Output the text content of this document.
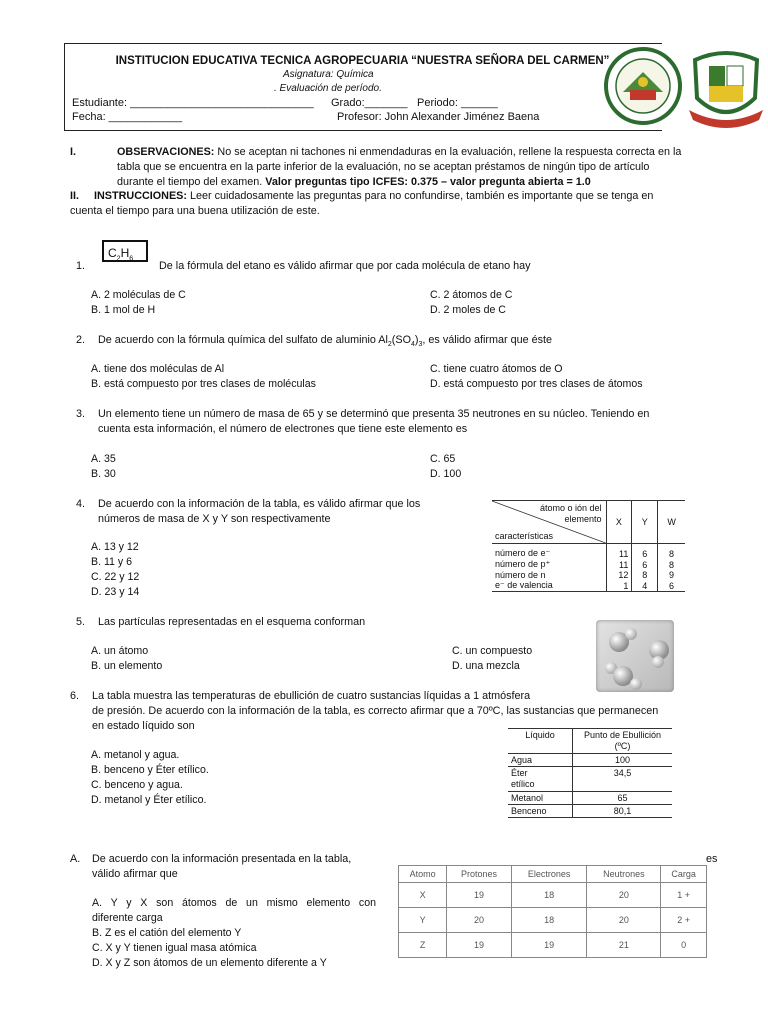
INSTITUCION EDUCATIVA TECNICA AGROPECUARIA “NUESTRA SEÑORA DEL CARMEN”
Asignatura: Química
. Evaluación de período.
Estudiante: ______________________________ Grado:_______ Periodo: ______
Fecha: ____________	Profesor: John Alexander Jiménez Baena
I.	OBSERVACIONES: No se aceptan ni tachones ni enmendaduras en la evaluación, rellene la respuesta correcta en la
tabla que se encuentra en la parte inferior de la evaluación, no se aceptan préstamos de ningún tipo de artículo
durante el tiempo del examen. Valor preguntas tipo ICFES: 0.375 – valor pregunta abierta = 1.0
II. INSTRUCCIONES: Leer cuidadosamente las preguntas para no confundirse, también es importante que se tenga en
cuenta el tiempo para una buena utilización de este.
$C_2H_6$
1.	De la fórmula del etano es válido afirmar que por cada molécula de etano hay
A. 2 moléculas de C
B. 1 mol de H
C. 2 átomos de C
D. 2 moles de C
2. De acuerdo con la fórmula química del sulfato de aluminio $Al_2(SO_4)_3$, es válido afirmar que éste
A. tiene dos moléculas de Al
B. está compuesto por tres clases de moléculas
C. tiene cuatro átomos de O
D. está compuesto por tres clases de átomos
3. Un elemento tiene un número de masa de 65 y se determinó que presenta 35 neutrones en su núcleo. Teniendo en
cuenta esta información, el número de electrones que tiene este elemento es
A. 35
B. 30
C. 65
D. 100
4. De acuerdo con la información de la tabla, es válido afirmar que los
números de masa de X y Y son respectivamente
A. 13 y 12
B. 11 y 6
C. 22 y 12
D. 23 y 14
átomo o ión del
elemento
características	X	Y	W
número de e⁻	11	6	8
número de p⁺	11	6	8
número de n	12	8	9
e⁻ de valencia	1	4	6
5. Las partículas representadas en el esquema conforman
A. un átomo
B. un elemento
C. un compuesto
D. una mezcla
6. La tabla muestra las temperaturas de ebullición de cuatro sustancias líquidas a 1 atmósfera
de presión. De acuerdo con la información de la tabla, es correcto afirmar que a 70ºC, las sustancias que permanecen
en estado líquido son
A. metanol y agua.
B. benceno y Éter etílico.
C. benceno y agua.
D. metanol y Éter etílico.
Líquido	Punto de Ebullición
(ºC)
Agua	100
Éter
etílico	34,5
Metanol	65
Benceno	80,1
A. De acuerdo con la información presentada en la tabla,	es
válido afirmar que
A. Y y X son átomos de un mismo elemento con
diferente carga
B. Z es el catión del elemento Y
C. X y Y tienen igual masa atómica
D. X y Z son átomos de un elemento diferente a Y
Atomo	Protones	Electrones	Neutrones	Carga
X	19	18	20	1 +
Y	20	18	20	2 +
Z	19	19	21	0
